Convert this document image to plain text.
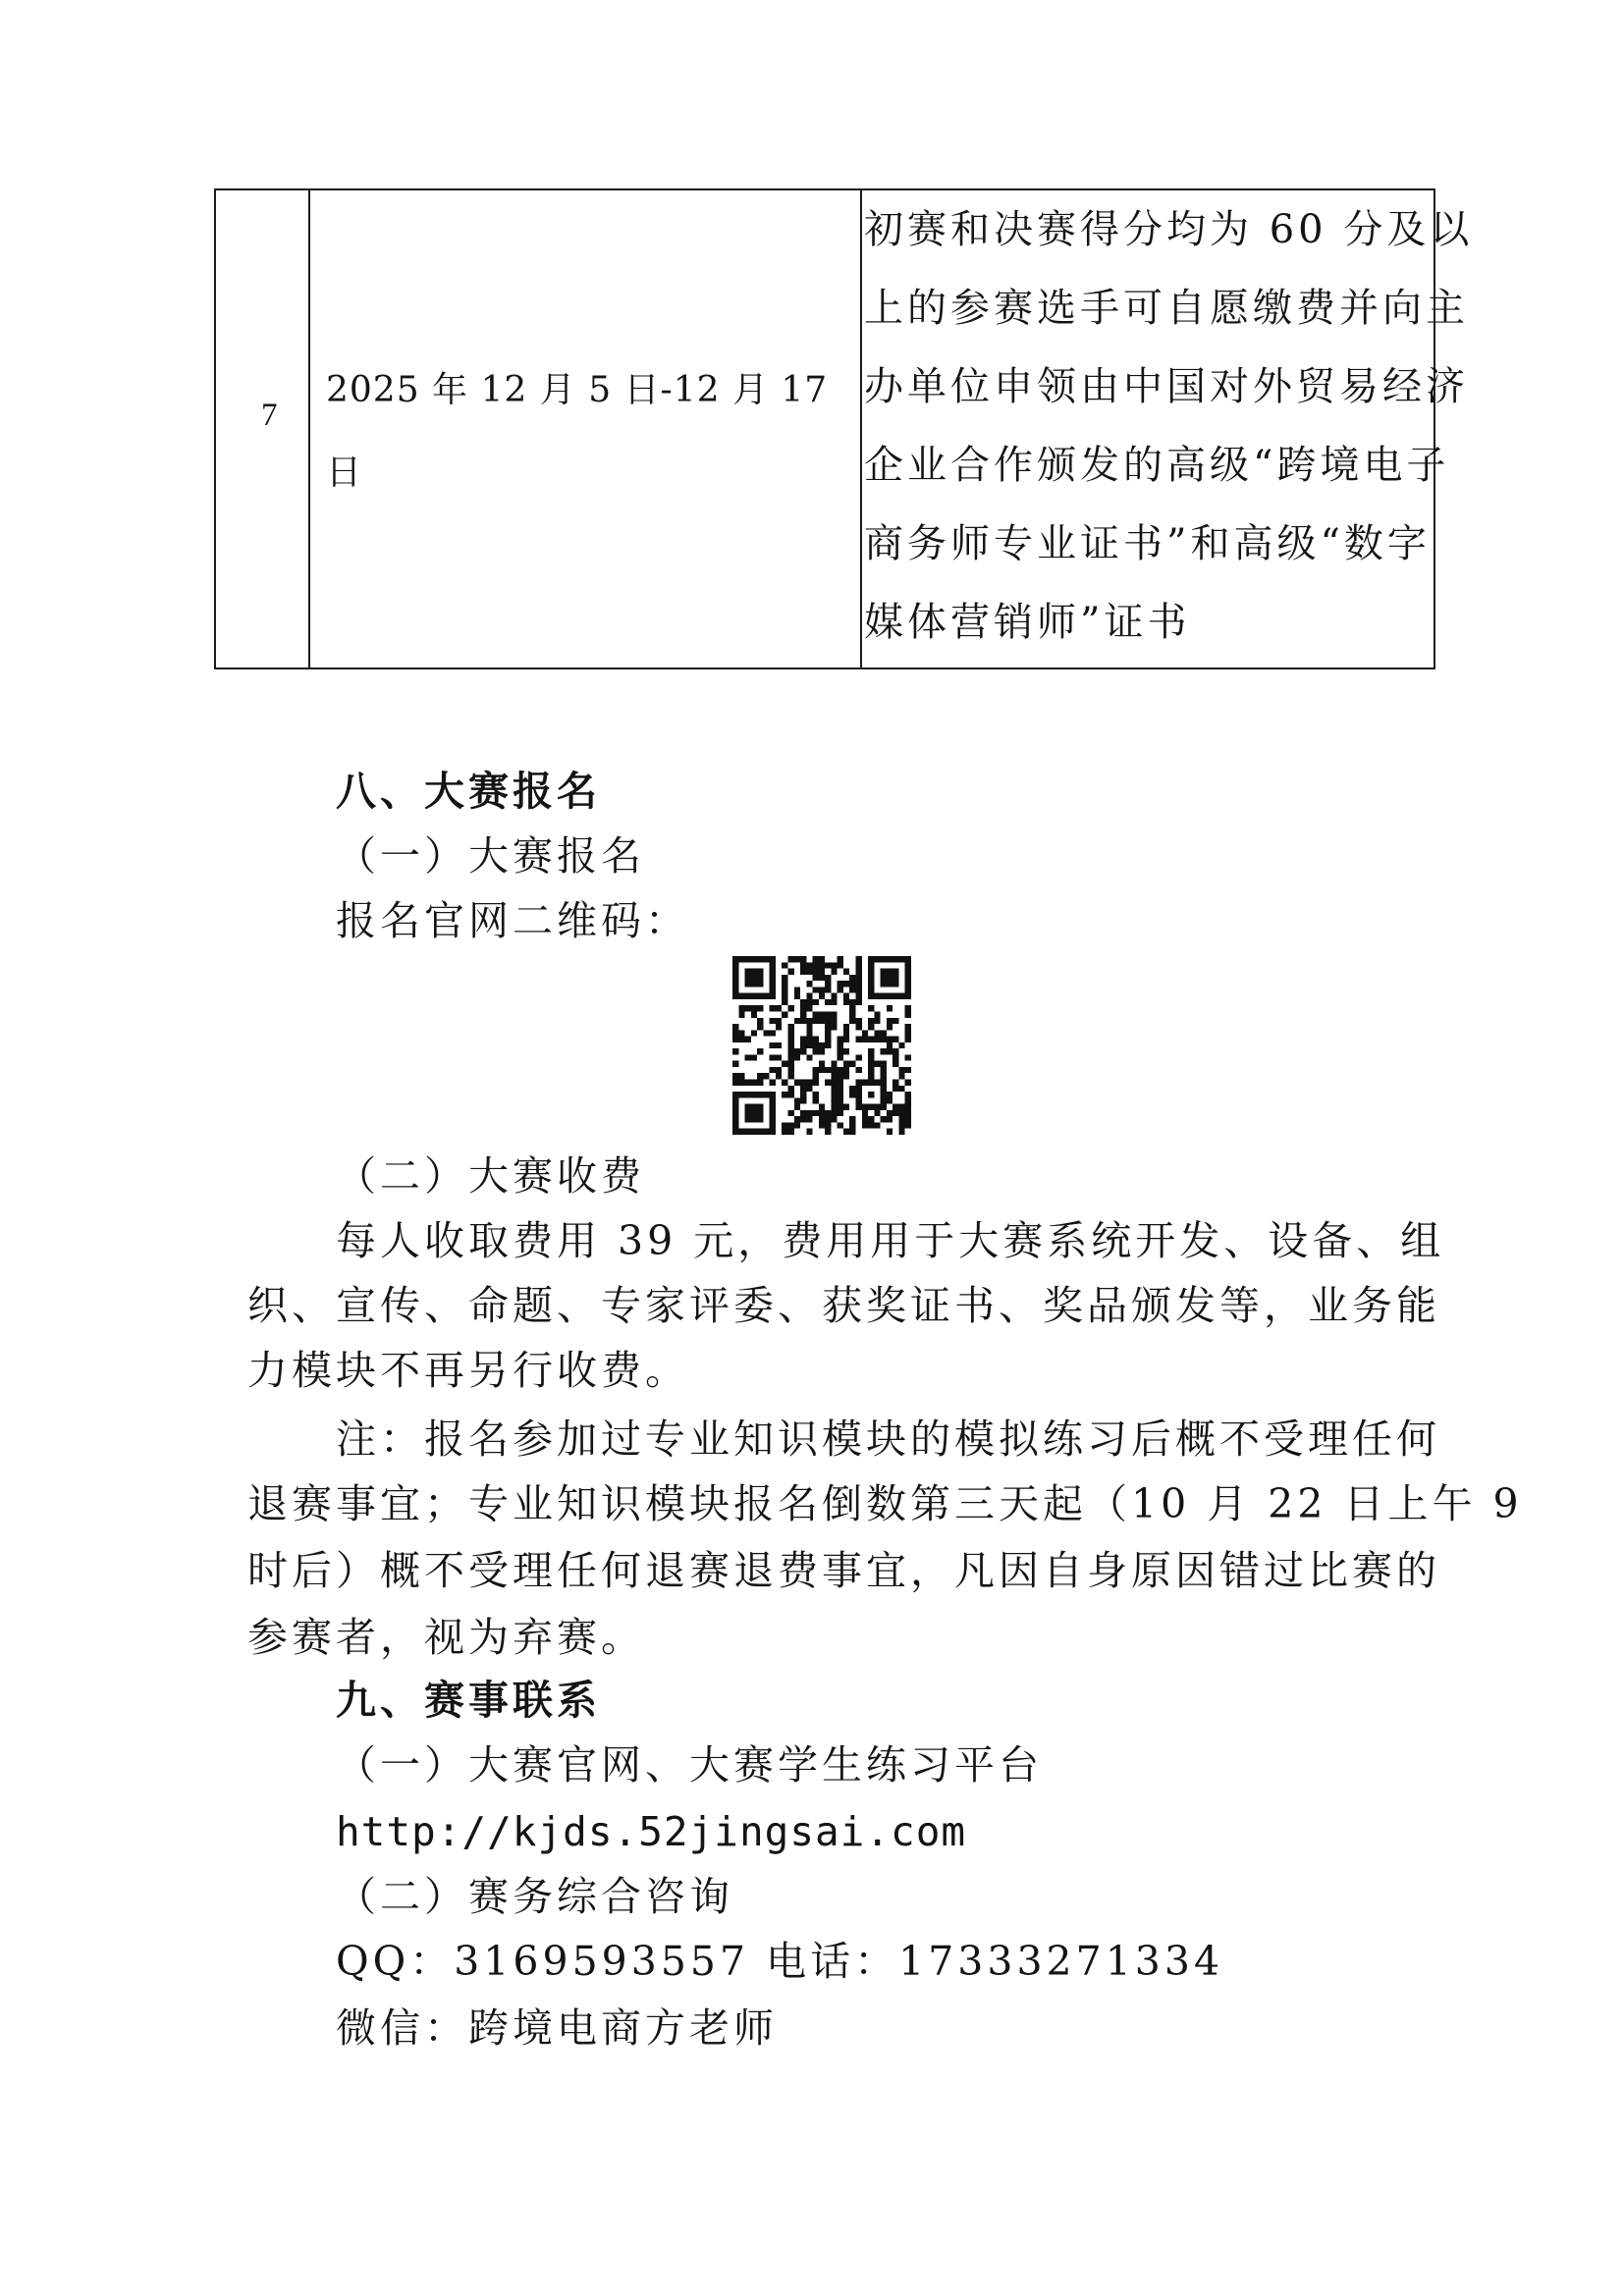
7
2025 年 12 月 5 日-12 月 17 日
初赛和决赛得分均为 60 分及以
上的参赛选手可自愿缴费并向主
办单位申领由中国对外贸易经济
企业合作颁发的高级“跨境电子
商务师专业证书”和高级“数字
媒体营销师”证书
八、大赛报名
（一）大赛报名
报名官网二维码：
（二）大赛收费
每人收取费用 39 元，费用用于大赛系统开发、设备、组
织、宣传、命题、专家评委、获奖证书、奖品颁发等，业务能
力模块不再另行收费。
注：报名参加过专业知识模块的模拟练习后概不受理任何
退赛事宜；专业知识模块报名倒数第三天起（10 月 22 日上午 9
时后）概不受理任何退赛退费事宜，凡因自身原因错过比赛的
参赛者，视为弃赛。
九、赛事联系
（一）大赛官网、大赛学生练习平台
http://kjds.52jingsai.com
（二）赛务综合咨询
QQ：3169593557 电话：17333271334
微信：跨境电商方老师
